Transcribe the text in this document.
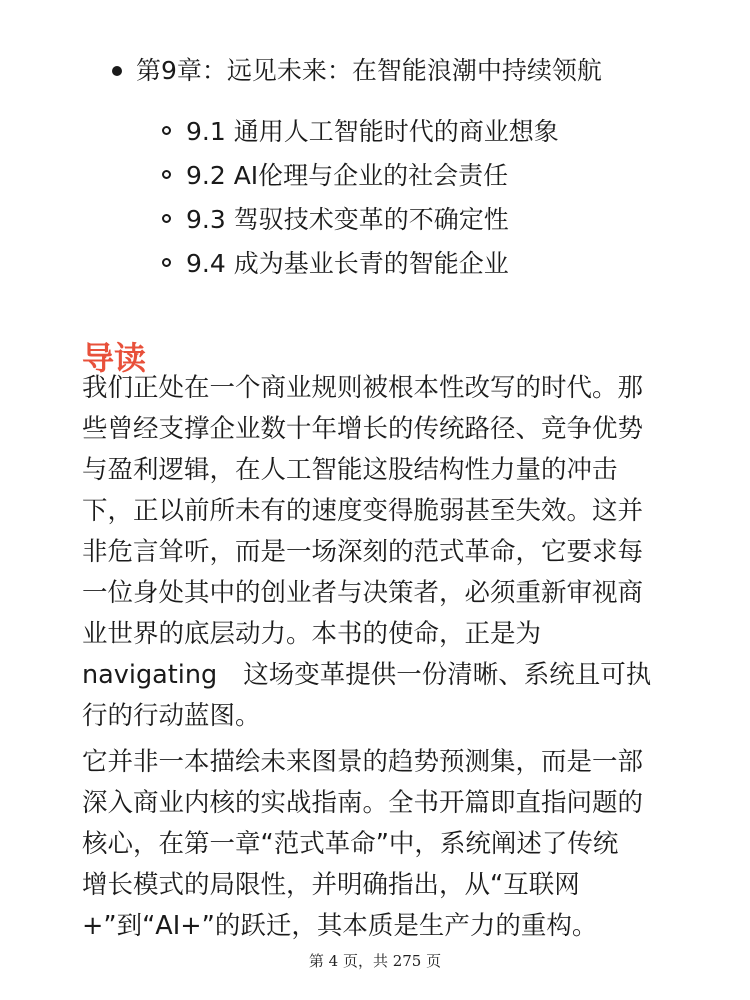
第9章：远见未来：在智能浪潮中持续领航
9.1 通用人工智能时代的商业想象
9.2 AI伦理与企业的社会责任
9.3 驾驭技术变革的不确定性
9.4 成为基业长青的智能企业
导读
我们正处在一个商业规则被根本性改写的时代。那
些曾经支撑企业数十年增长的传统路径、竞争优势
与盈利逻辑，在人工智能这股结构性力量的冲击
下，正以前所未有的速度变得脆弱甚至失效。这并
非危言耸听，而是一场深刻的范式革命，它要求每
一位身处其中的创业者与决策者，必须重新审视商
业世界的底层动力。本书的使命，正是为
navigating 这场变革提供一份清晰、系统且可执
行的行动蓝图。
它并非一本描绘未来图景的趋势预测集，而是一部
深入商业内核的实战指南。全书开篇即直指问题的
核心，在第一章“范式革命”中，系统阐述了传统
增长模式的局限性，并明确指出，从“互联网
+”到“AI+”的跃迁，其本质是生产力的重构。
第 4 页，共 275 页
